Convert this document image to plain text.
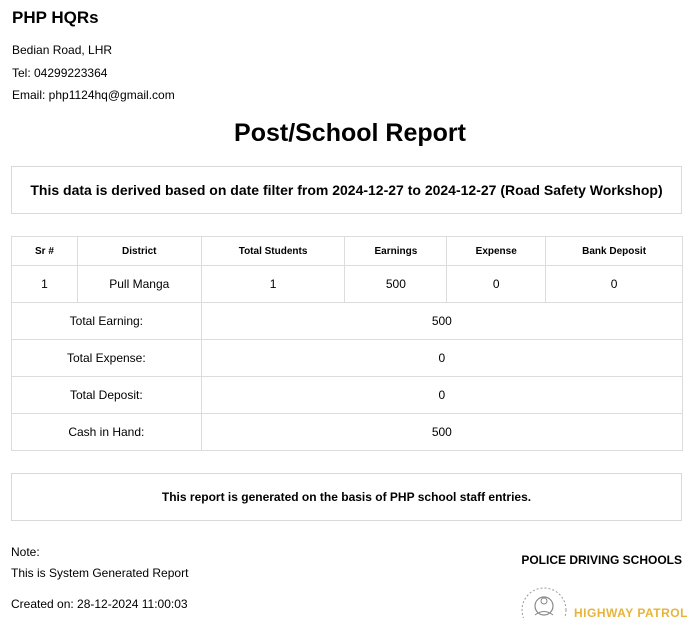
PHP HQRs
Bedian Road, LHR
Tel: 04299223364
Email: php1124hq@gmail.com
Post/School Report
This data is derived based on date filter from 2024-12-27 to 2024-12-27 (Road Safety Workshop)
Sr #	District	Total Students	Earnings	Expense	Bank Deposit
1	Pull Manga	1	500	0	0
Total Earning:		500			
Total Expense:		0			
Total Deposit:		0			
Cash in Hand:		500			
This report is generated on the basis of PHP school staff entries.
Note:
This is System Generated Report
Created on: 28-12-2024 11:00:03
POLICE DRIVING SCHOOLS
HIGHWAY PATROL
